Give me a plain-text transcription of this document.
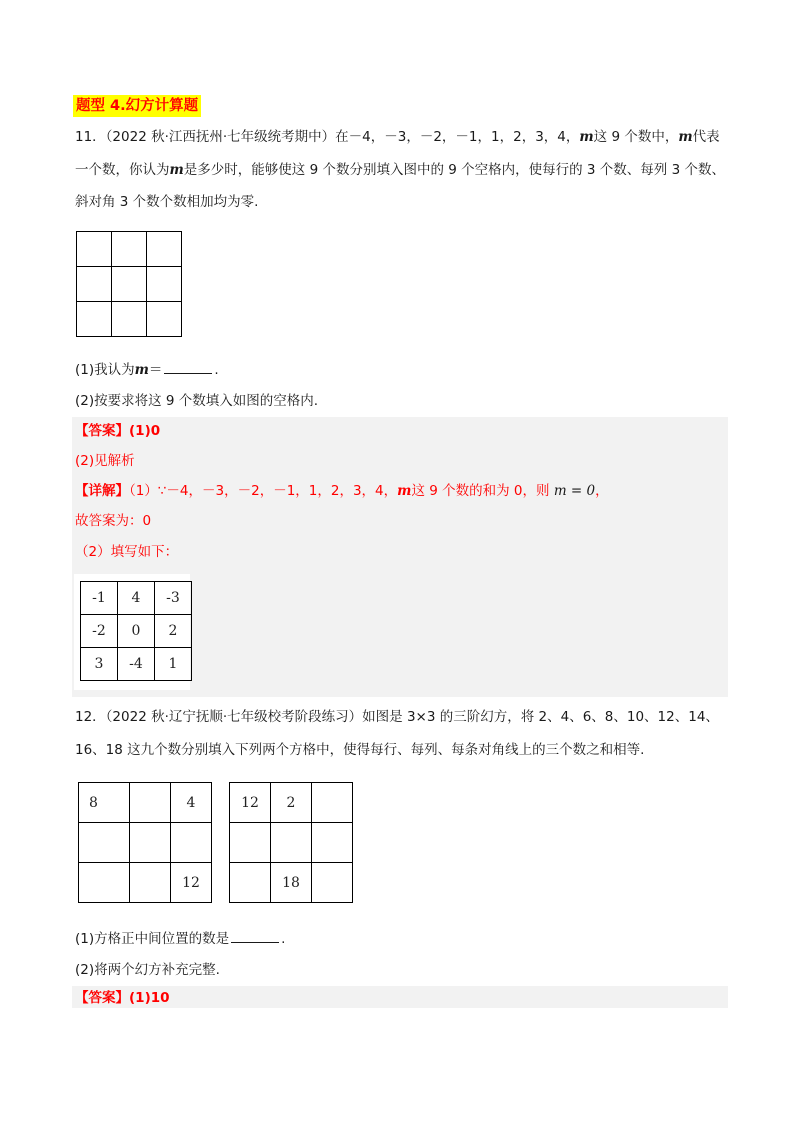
题型 4.幻方计算题
11．（2022 秋·江西抚州·七年级统考期中）在－4，－3，－2，－1，1，2，3，4，m这 9 个数中，m代表
一个数，你认为m是多少时，能够使这 9 个数分别填入图中的 9 个空格内，使每行的 3 个数、每列 3 个数、
斜对角 3 个数个数相加均为零.

(1)我认为m＝	.
(2)按要求将这 9 个数填入如图的空格内.
【答案】(1)0
(2)见解析
【详解】（1）∵－4，－3，－2，－1，1，2，3，4，m这 9 个数的和为 0，则 m = 0，
故答案为：0
（2）填写如下：
-1	4	-3
-2	0	2
3	-4	1
12．（2022 秋·辽宁抚顺·七年级校考阶段练习）如图是 3×3 的三阶幻方，将 2、4、6、8、10、12、14、
16、18 这九个数分别填入下列两个方格中，使得每行、每列、每条对角线上的三个数之和相等.
8		4

		12
12	2	

	18	
(1)方格正中间位置的数是	.
(2)将两个幻方补充完整.
【答案】(1)10
